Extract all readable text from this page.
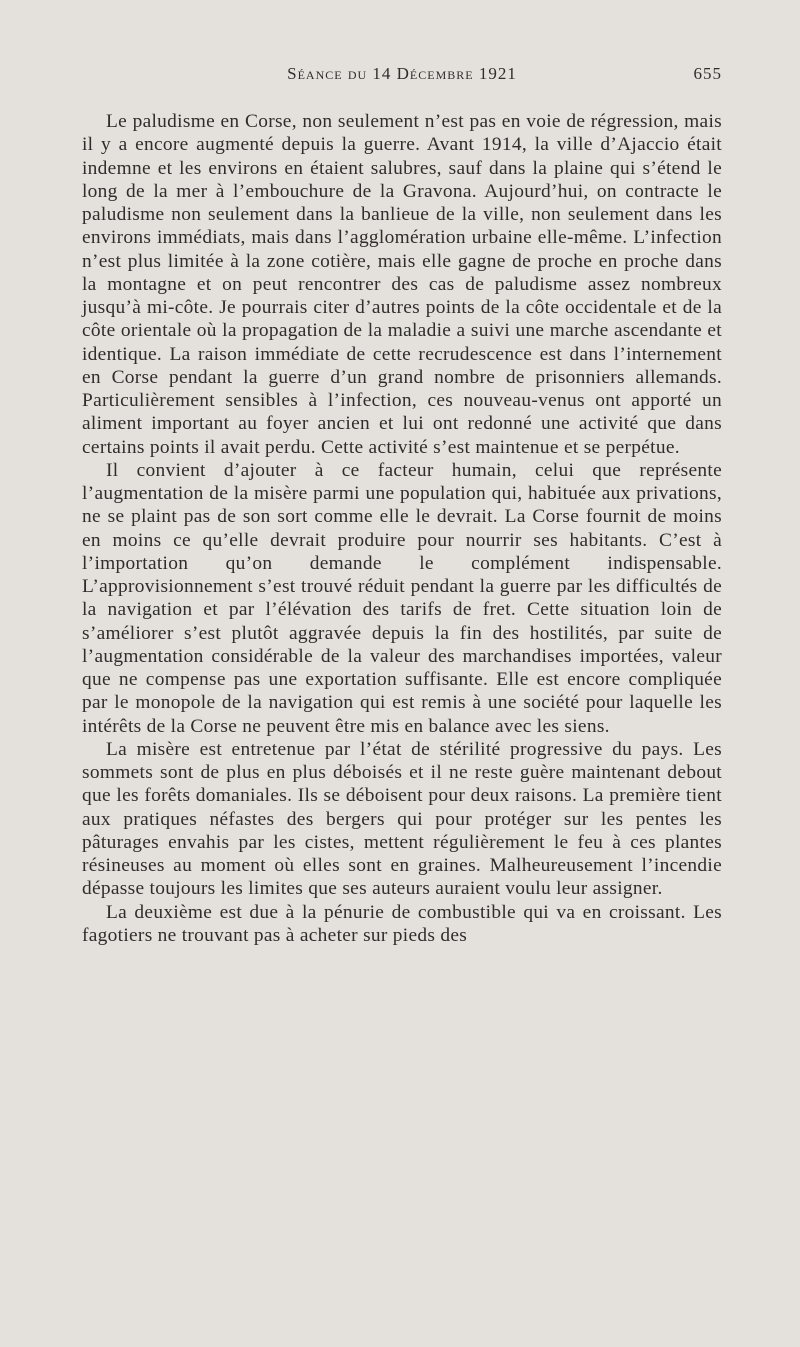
Séance du 14 Décembre 1921	655

Le paludisme en Corse, non seulement n’est pas en voie de régression, mais il y a encore augmenté depuis la guerre. Avant 1914, la ville d’Ajaccio était indemne et les environs en étaient salubres, sauf dans la plaine qui s’étend le long de la mer à l’embouchure de la Gravona. Aujourd’hui, on contracte le paludisme non seulement dans la banlieue de la ville, non seulement dans les environs immédiats, mais dans l’agglomération urbaine elle-même. L’infection n’est plus limitée à la zone cotière, mais elle gagne de proche en proche dans la montagne et on peut rencontrer des cas de paludisme assez nombreux jusqu’à mi-côte. Je pourrais citer d’autres points de la côte occidentale et de la côte orientale où la propagation de la maladie a suivi une marche ascendante et identique. La raison immédiate de cette recrudescence est dans l’internement en Corse pendant la guerre d’un grand nombre de prisonniers allemands. Particulièrement sensibles à l’infection, ces nouveau-venus ont apporté un aliment important au foyer ancien et lui ont redonné une activité que dans certains points il avait perdu. Cette activité s’est maintenue et se perpétue.

Il convient d’ajouter à ce facteur humain, celui que représente l’augmentation de la misère parmi une population qui, habituée aux privations, ne se plaint pas de son sort comme elle le devrait. La Corse fournit de moins en moins ce qu’elle devrait produire pour nourrir ses habitants. C’est à l’importation qu’on demande le complément indispensable. L’approvisionnement s’est trouvé réduit pendant la guerre par les difficultés de la navigation et par l’élévation des tarifs de fret. Cette situation loin de s’améliorer s’est plutôt aggravée depuis la fin des hostilités, par suite de l’augmentation considérable de la valeur des marchandises importées, valeur que ne compense pas une exportation suffisante. Elle est encore compliquée par le monopole de la navigation qui est remis à une société pour laquelle les intérêts de la Corse ne peuvent être mis en balance avec les siens.

La misère est entretenue par l’état de stérilité progressive du pays. Les sommets sont de plus en plus déboisés et il ne reste guère maintenant debout que les forêts domaniales. Ils se déboisent pour deux raisons. La première tient aux pratiques néfastes des bergers qui pour protéger sur les pentes les pâturages envahis par les cistes, mettent régulièrement le feu à ces plantes résineuses au moment où elles sont en graines. Malheureusement l’incendie dépasse toujours les limites que ses auteurs auraient voulu leur assigner.

La deuxième est due à la pénurie de combustible qui va en croissant. Les fagotiers ne trouvant pas à acheter sur pieds des
